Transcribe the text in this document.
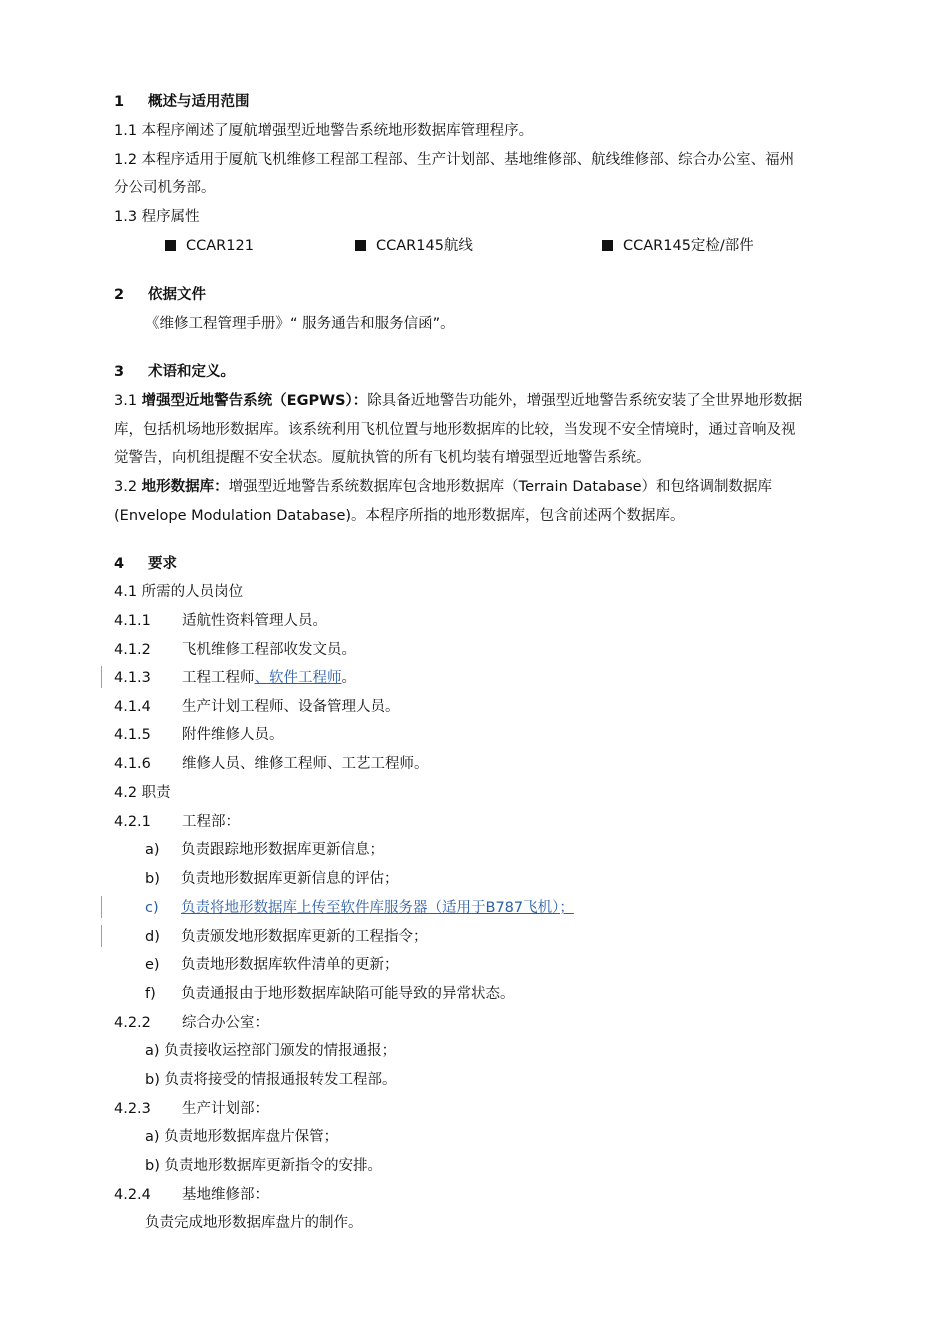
1 概述与适用范围
1.1 本程序阐述了厦航增强型近地警告系统地形数据库管理程序。
1.2 本程序适用于厦航飞机维修工程部工程部、生产计划部、基地维修部、航线维修部、综合办公室、福州
分公司机务部。
1.3 程序属性
CCAR121	CCAR145航线	CCAR145定检/部件
2 依据文件
《维修工程管理手册》“ 服务通告和服务信函”。
3 术语和定义。
3.1 增强型近地警告系统（EGPWS）：除具备近地警告功能外，增强型近地警告系统安装了全世界地形数据
库，包括机场地形数据库。该系统利用飞机位置与地形数据库的比较，当发现不安全情境时，通过音响及视
觉警告，向机组提醒不安全状态。厦航执管的所有飞机均装有增强型近地警告系统。
3.2 地形数据库：增强型近地警告系统数据库包含地形数据库（Terrain Database）和包络调制数据库
(Envelope Modulation Database)。本程序所指的地形数据库，包含前述两个数据库。
4 要求
4.1 所需的人员岗位
4.1.1 适航性资料管理人员。
4.1.2 飞机维修工程部收发文员。
4.1.3 工程工程师、软件工程师。
4.1.4 生产计划工程师、设备管理人员。
4.1.5 附件维修人员。
4.1.6 维修人员、维修工程师、工艺工程师。
4.2 职责
4.2.1 工程部：
a) 负责跟踪地形数据库更新信息；
b) 负责地形数据库更新信息的评估；
c) 负责将地形数据库上传至软件库服务器（适用于B787飞机）；
d) 负责颁发地形数据库更新的工程指令；
e) 负责地形数据库软件清单的更新；
f) 负责通报由于地形数据库缺陷可能导致的异常状态。
4.2.2 综合办公室：
a) 负责接收运控部门颁发的情报通报；
b) 负责将接受的情报通报转发工程部。
4.2.3 生产计划部：
a) 负责地形数据库盘片保管；
b) 负责地形数据库更新指令的安排。
4.2.4 基地维修部：
负责完成地形数据库盘片的制作。
